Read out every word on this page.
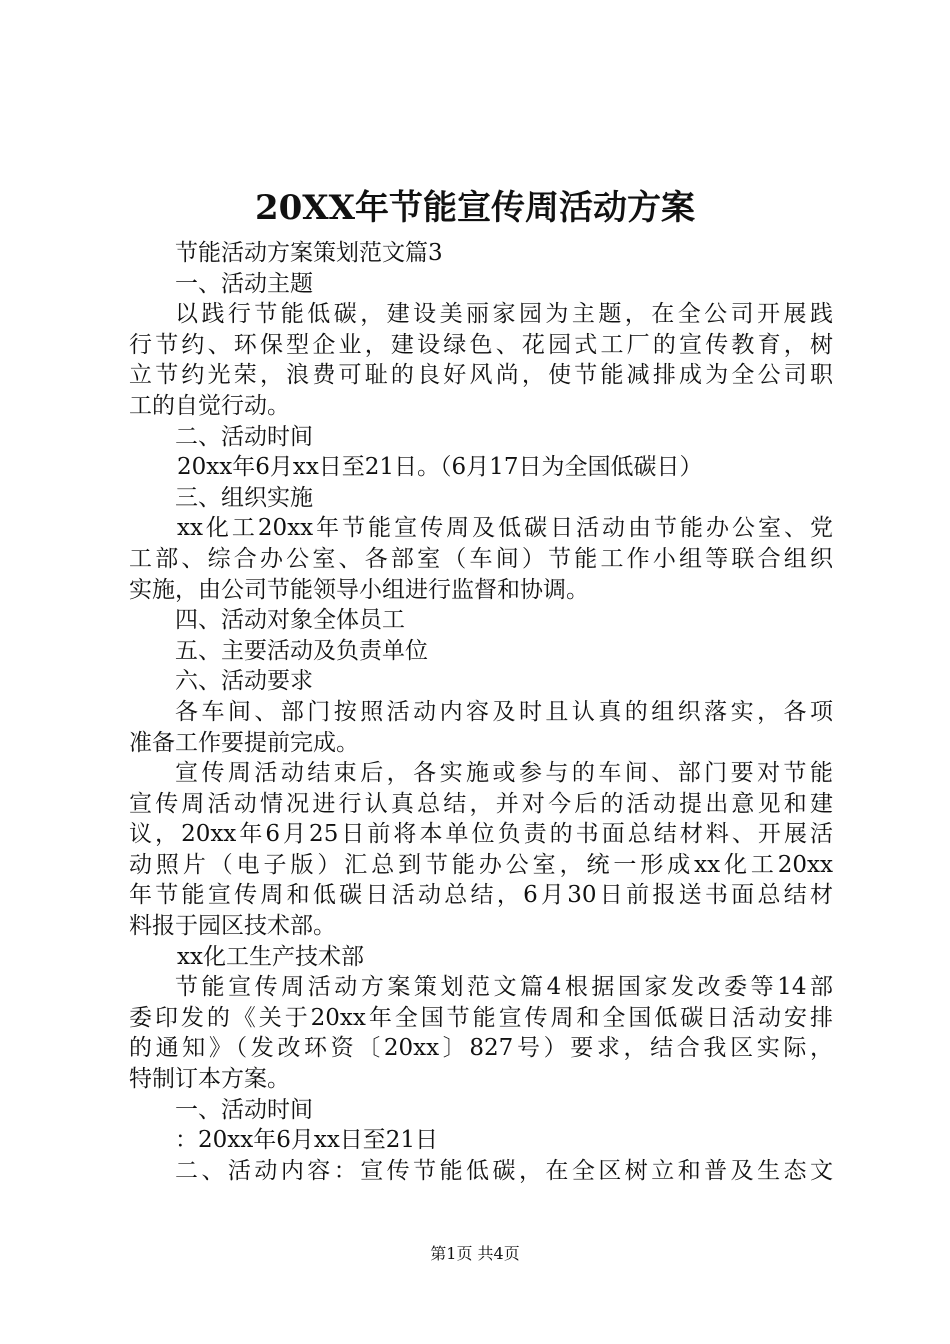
20XX年节能宣传周活动方案
节能活动方案策划范文篇3
一、活动主题
以践行节能低碳，建设美丽家园为主题，在全公司开展践
行节约、环保型企业，建设绿色、花园式工厂的宣传教育，树
立节约光荣，浪费可耻的良好风尚，使节能减排成为全公司职
工的自觉行动。
二、活动时间
20xx年6月xx日至21日。（6月17日为全国低碳日）
三、组织实施
xx化工20xx年节能宣传周及低碳日活动由节能办公室、党
工部、综合办公室、各部室（车间）节能工作小组等联合组织
实施，由公司节能领导小组进行监督和协调。
四、活动对象全体员工
五、主要活动及负责单位
六、活动要求
各车间、部门按照活动内容及时且认真的组织落实，各项
准备工作要提前完成。
宣传周活动结束后，各实施或参与的车间、部门要对节能
宣传周活动情况进行认真总结，并对今后的活动提出意见和建
议，20xx年6月25日前将本单位负责的书面总结材料、开展活
动照片（电子版）汇总到节能办公室，统一形成xx化工20xx
年节能宣传周和低碳日活动总结，6月30日前报送书面总结材
料报于园区技术部。
xx化工生产技术部
节能宣传周活动方案策划范文篇4根据国家发改委等14部
委印发的《关于20xx年全国节能宣传周和全国低碳日活动安排
的通知》（发改环资〔20xx〕827号）要求，结合我区实际，
特制订本方案。
一、活动时间
：20xx年6月xx日至21日
二、活动内容：宣传节能低碳，在全区树立和普及生态文
第1页 共4页
